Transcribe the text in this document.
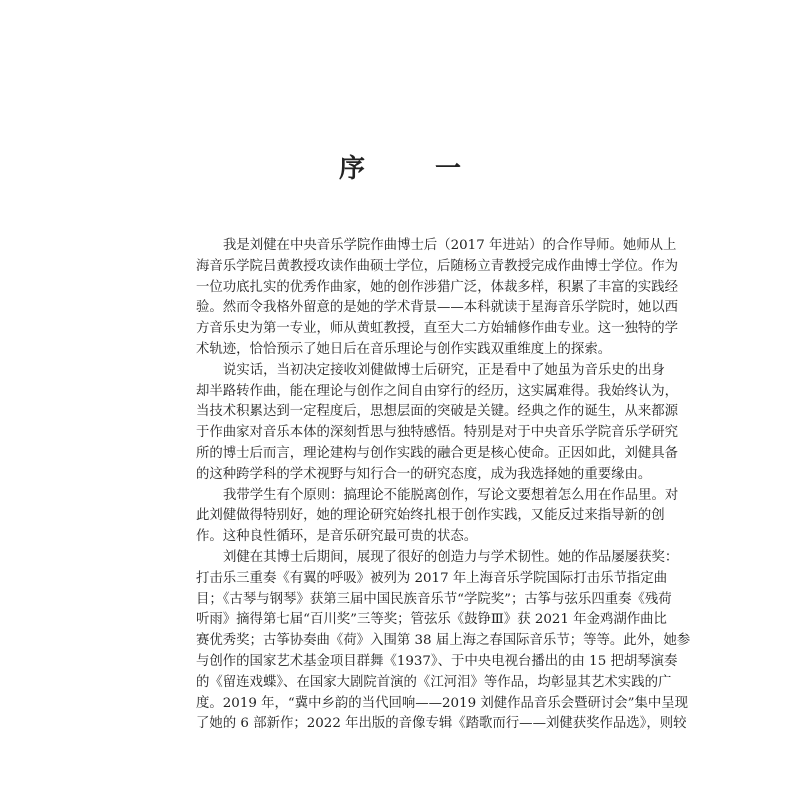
序　一
我是刘健在中央音乐学院作曲博士后（2017 年进站）的合作导师。她师从上
海音乐学院吕黄教授攻读作曲硕士学位，后随杨立青教授完成作曲博士学位。作为
一位功底扎实的优秀作曲家，她的创作涉猎广泛，体裁多样，积累了丰富的实践经
验。然而令我格外留意的是她的学术背景——本科就读于星海音乐学院时，她以西
方音乐史为第一专业，师从黄虹教授，直至大二方始辅修作曲专业。这一独特的学
术轨迹，恰恰预示了她日后在音乐理论与创作实践双重维度上的探索。
说实话，当初决定接收刘健做博士后研究，正是看中了她虽为音乐史的出身
却半路转作曲，能在理论与创作之间自由穿行的经历，这实属难得。我始终认为，
当技术积累达到一定程度后，思想层面的突破是关键。经典之作的诞生，从来都源
于作曲家对音乐本体的深刻哲思与独特感悟。特别是对于中央音乐学院音乐学研究
所的博士后而言，理论建构与创作实践的融合更是核心使命。正因如此，刘健具备
的这种跨学科的学术视野与知行合一的研究态度，成为我选择她的重要缘由。
我带学生有个原则：搞理论不能脱离创作，写论文要想着怎么用在作品里。对
此刘健做得特别好，她的理论研究始终扎根于创作实践，又能反过来指导新的创
作。这种良性循环，是音乐研究最可贵的状态。
刘健在其博士后期间，展现了很好的创造力与学术韧性。她的作品屡屡获奖：
打击乐三重奏《有翼的呼吸》被列为 2017 年上海音乐学院国际打击乐节指定曲
目；《古琴与钢琴》获第三届中国民族音乐节“学院奖”；古筝与弦乐四重奏《残荷
听雨》摘得第七届“百川奖”三等奖；管弦乐《鼓铮Ⅲ》获 2021 年金鸡湖作曲比
赛优秀奖；古筝协奏曲《荷》入围第 38 届上海之春国际音乐节；等等。此外，她参
与创作的国家艺术基金项目群舞《1937》、于中央电视台播出的由 15 把胡琴演奏
的《留连戏蝶》、在国家大剧院首演的《江河泪》等作品，均彰显其艺术实践的广
度。2019 年，“冀中乡韵的当代回响——2019 刘健作品音乐会暨研讨会”集中呈现
了她的 6 部新作；2022 年出版的音像专辑《踏歌而行——刘健获奖作品选》，则较
